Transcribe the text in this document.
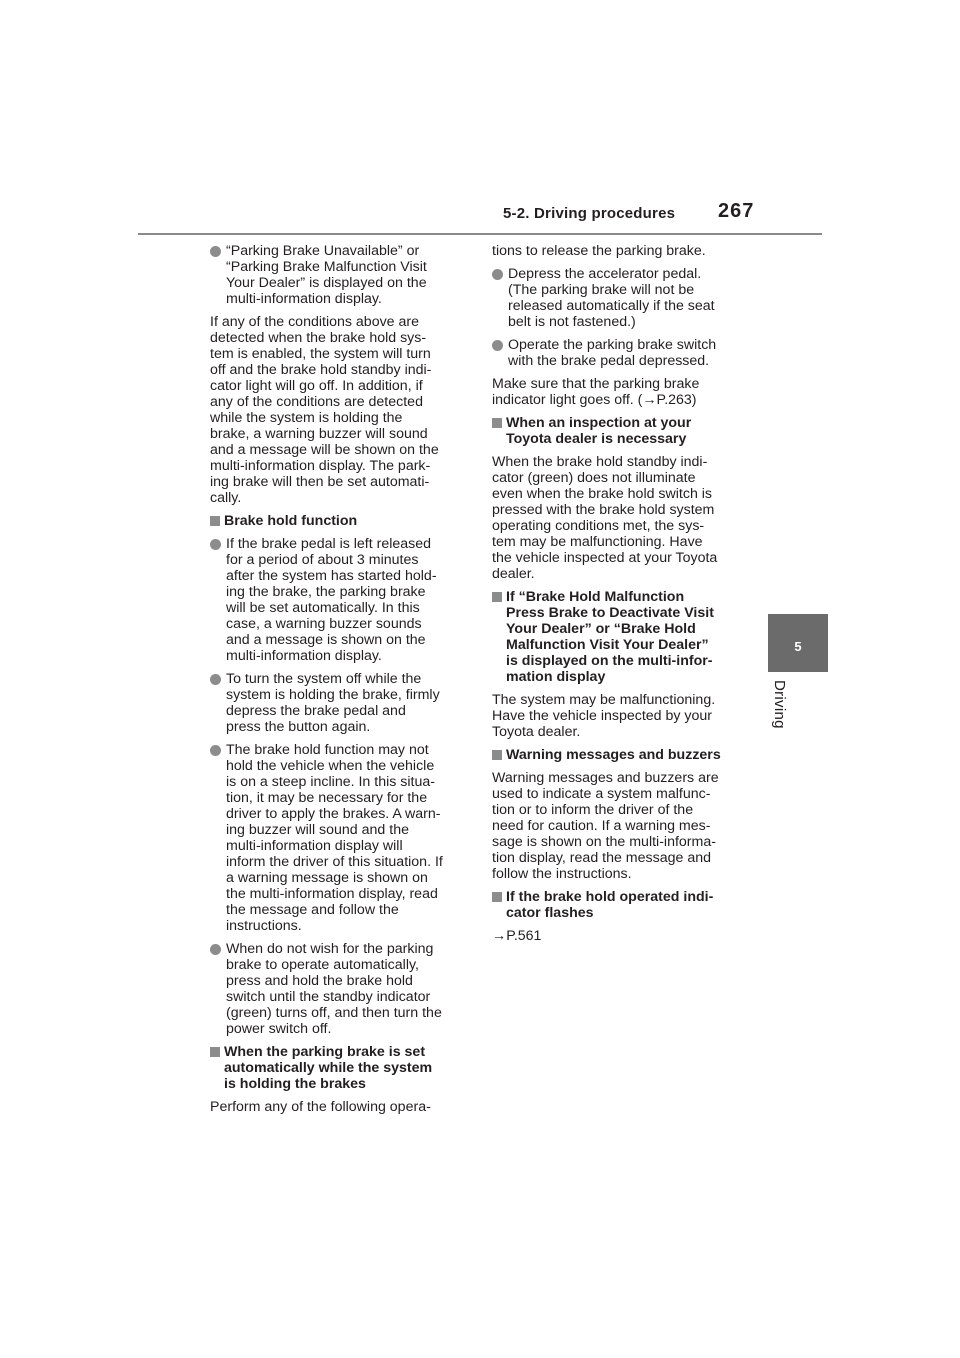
5-2. Driving procedures 267
5
Driving
“Parking Brake Unavailable” or
“Parking Brake Malfunction Visit
Your Dealer” is displayed on the
multi-information display.
If any of the conditions above are
detected when the brake hold sys-
tem is enabled, the system will turn
off and the brake hold standby indi-
cator light will go off. In addition, if
any of the conditions are detected
while the system is holding the
brake, a warning buzzer will sound
and a message will be shown on the
multi-information display. The park-
ing brake will then be set automati-
cally.
Brake hold function
If the brake pedal is left released
for a period of about 3 minutes
after the system has started hold-
ing the brake, the parking brake
will be set automatically. In this
case, a warning buzzer sounds
and a message is shown on the
multi-information display.
To turn the system off while the
system is holding the brake, firmly
depress the brake pedal and
press the button again.
The brake hold function may not
hold the vehicle when the vehicle
is on a steep incline. In this situa-
tion, it may be necessary for the
driver to apply the brakes. A warn-
ing buzzer will sound and the
multi-information display will
inform the driver of this situation. If
a warning message is shown on
the multi-information display, read
the message and follow the
instructions.
When do not wish for the parking
brake to operate automatically,
press and hold the brake hold
switch until the standby indicator
(green) turns off, and then turn the
power switch off.
When the parking brake is set
automatically while the system
is holding the brakes
Perform any of the following opera-
tions to release the parking brake.
Depress the accelerator pedal.
(The parking brake will not be
released automatically if the seat
belt is not fastened.)
Operate the parking brake switch
with the brake pedal depressed.
Make sure that the parking brake
indicator light goes off. (→P.263)
When an inspection at your
Toyota dealer is necessary
When the brake hold standby indi-
cator (green) does not illuminate
even when the brake hold switch is
pressed with the brake hold system
operating conditions met, the sys-
tem may be malfunctioning. Have
the vehicle inspected at your Toyota
dealer.
If “Brake Hold Malfunction
Press Brake to Deactivate Visit
Your Dealer” or “Brake Hold
Malfunction Visit Your Dealer”
is displayed on the multi-infor-
mation display
The system may be malfunctioning.
Have the vehicle inspected by your
Toyota dealer.
Warning messages and buzzers
Warning messages and buzzers are
used to indicate a system malfunc-
tion or to inform the driver of the
need for caution. If a warning mes-
sage is shown on the multi-informa-
tion display, read the message and
follow the instructions.
If the brake hold operated indi-
cator flashes
→P.561
